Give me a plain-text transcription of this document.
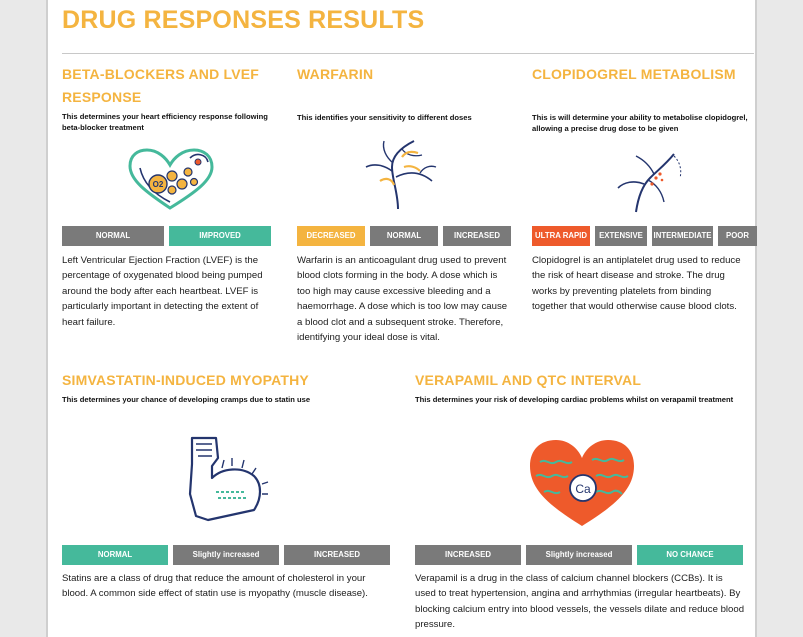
DRUG RESPONSES RESULTS
BETA-BLOCKERS AND LVEF RESPONSE
This determines your heart efficiency response following beta-blocker treatment
O2
NORMAL	IMPROVED
Left Ventricular Ejection Fraction (LVEF) is the percentage of oxygenated blood being pumped around the body after each heartbeat. LVEF is particularly important in detecting the extent of heart failure.
WARFARIN
This identifies your sensitivity to different doses
DECREASED	NORMAL	INCREASED
Warfarin is an anticoagulant drug used to prevent blood clots forming in the body. A dose which is too high may cause excessive bleeding and a haemorrhage. A dose which is too low may cause a blood clot and a subsequent stroke. Therefore, identifying your ideal dose is vital.
CLOPIDOGREL METABOLISM
This is will determine your ability to metabolise clopidogrel, allowing a precise drug dose to be given
ULTRA RAPID	EXTENSIVE	INTERMEDIATE	POOR
Clopidogrel is an antiplatelet drug used to reduce the risk of heart disease and stroke. The drug works by preventing platelets from binding together that would otherwise cause blood clots.
SIMVASTATIN-INDUCED MYOPATHY
This determines your chance of developing cramps due to statin use
NORMAL	Slightly increased	INCREASED
Statins are a class of drug that reduce the amount of cholesterol in your blood. A common side effect of statin use is myopathy (muscle disease).
VERAPAMIL AND QTC INTERVAL
This determines your risk of developing cardiac problems whilst on verapamil treatment
Ca
INCREASED	Slightly increased	NO CHANCE
Verapamil is a drug in the class of calcium channel blockers (CCBs). It is used to treat hypertension, angina and arrhythmias (irregular heartbeats). By blocking calcium entry into blood vessels, the vessels dilate and reduce blood pressure.
